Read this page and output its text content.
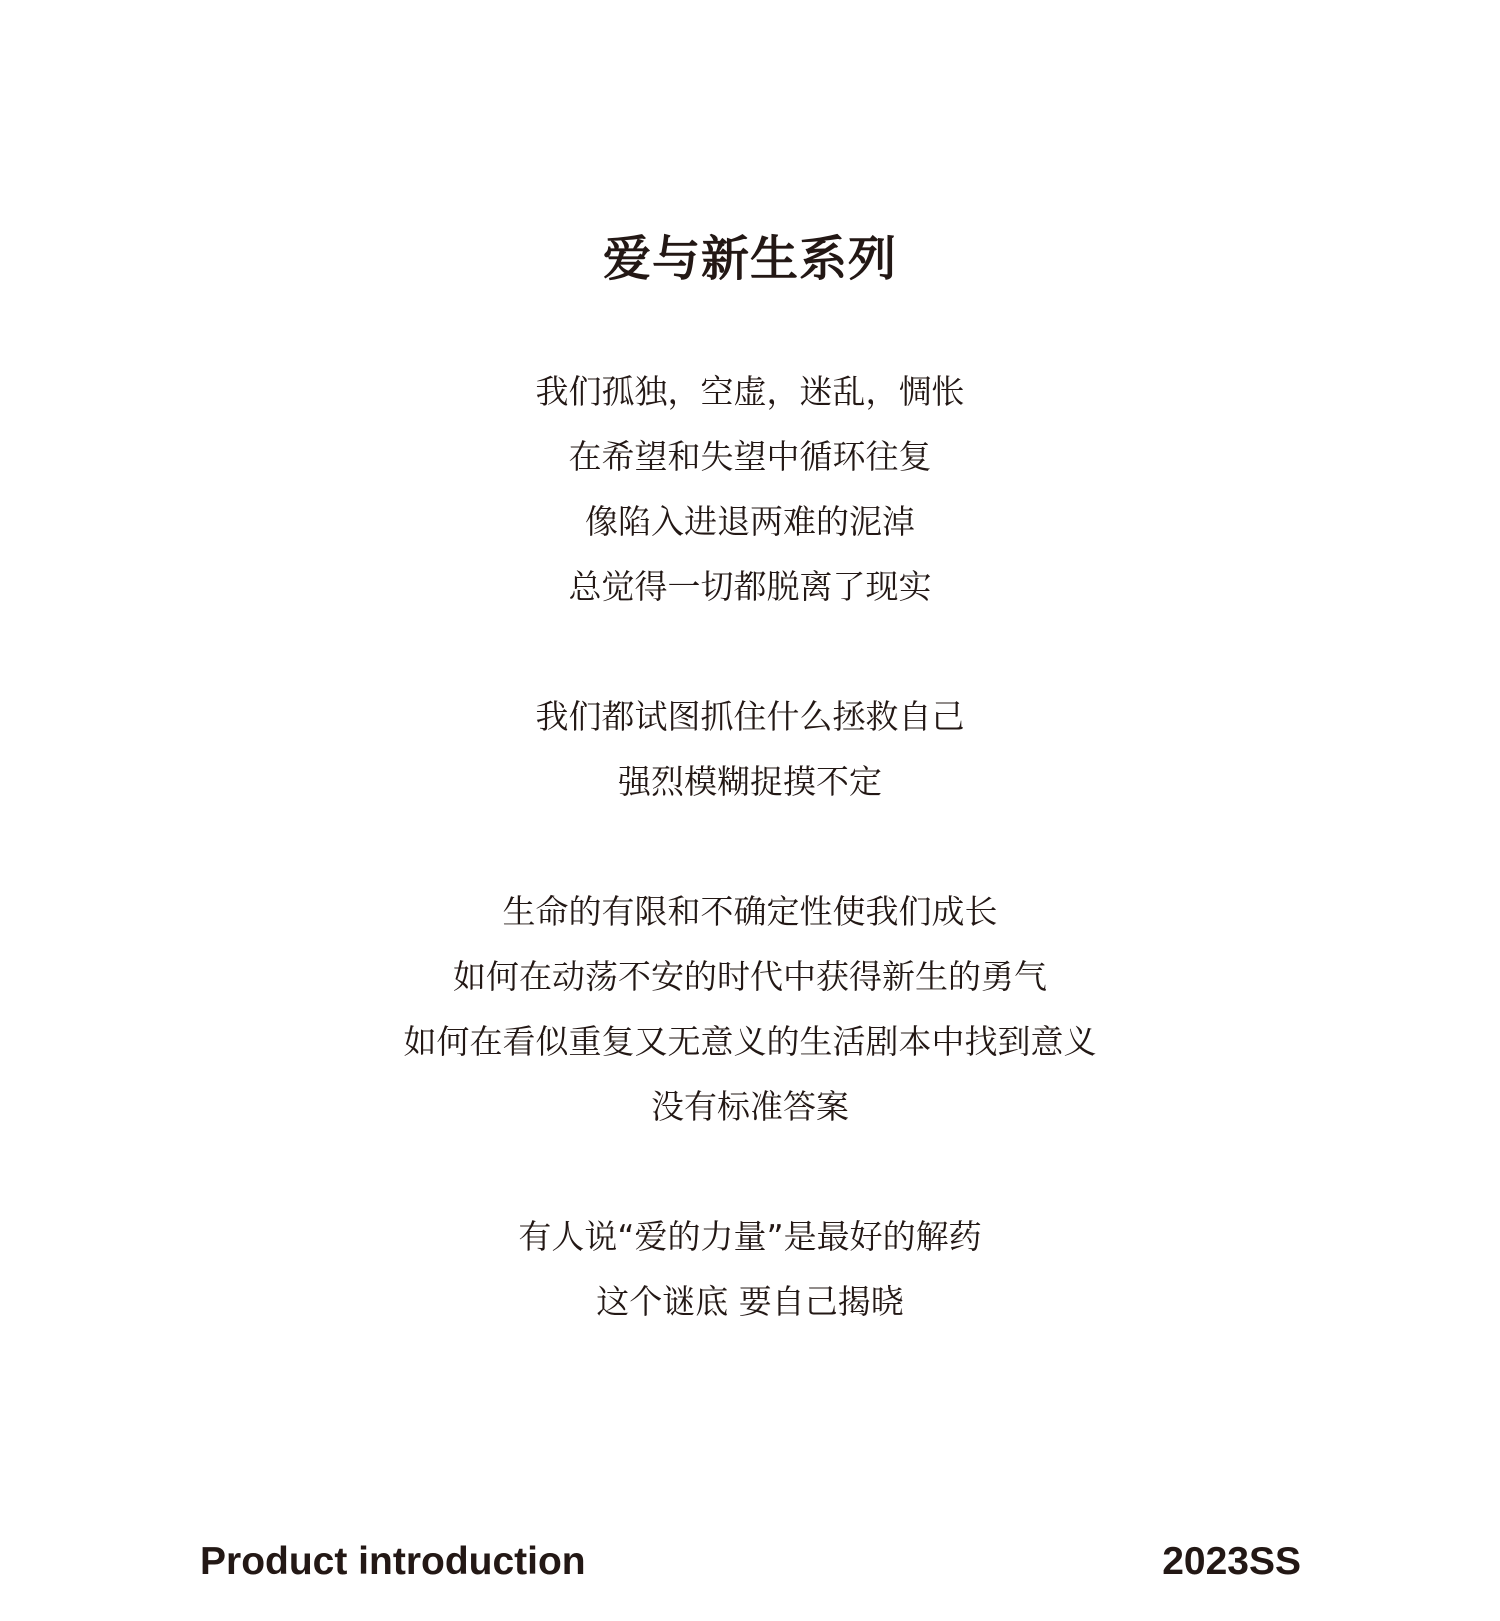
爱与新生系列
我们孤独，空虚，迷乱，惆怅
在希望和失望中循环往复
像陷入进退两难的泥淖
总觉得一切都脱离了现实
我们都试图抓住什么拯救自己
强烈模糊捉摸不定
生命的有限和不确定性使我们成长
如何在动荡不安的时代中获得新生的勇气
如何在看似重复又无意义的生活剧本中找到意义
没有标准答案
有人说“爱的力量”是最好的解药
这个谜底 要自己揭晓
Product introduction	2023SS
